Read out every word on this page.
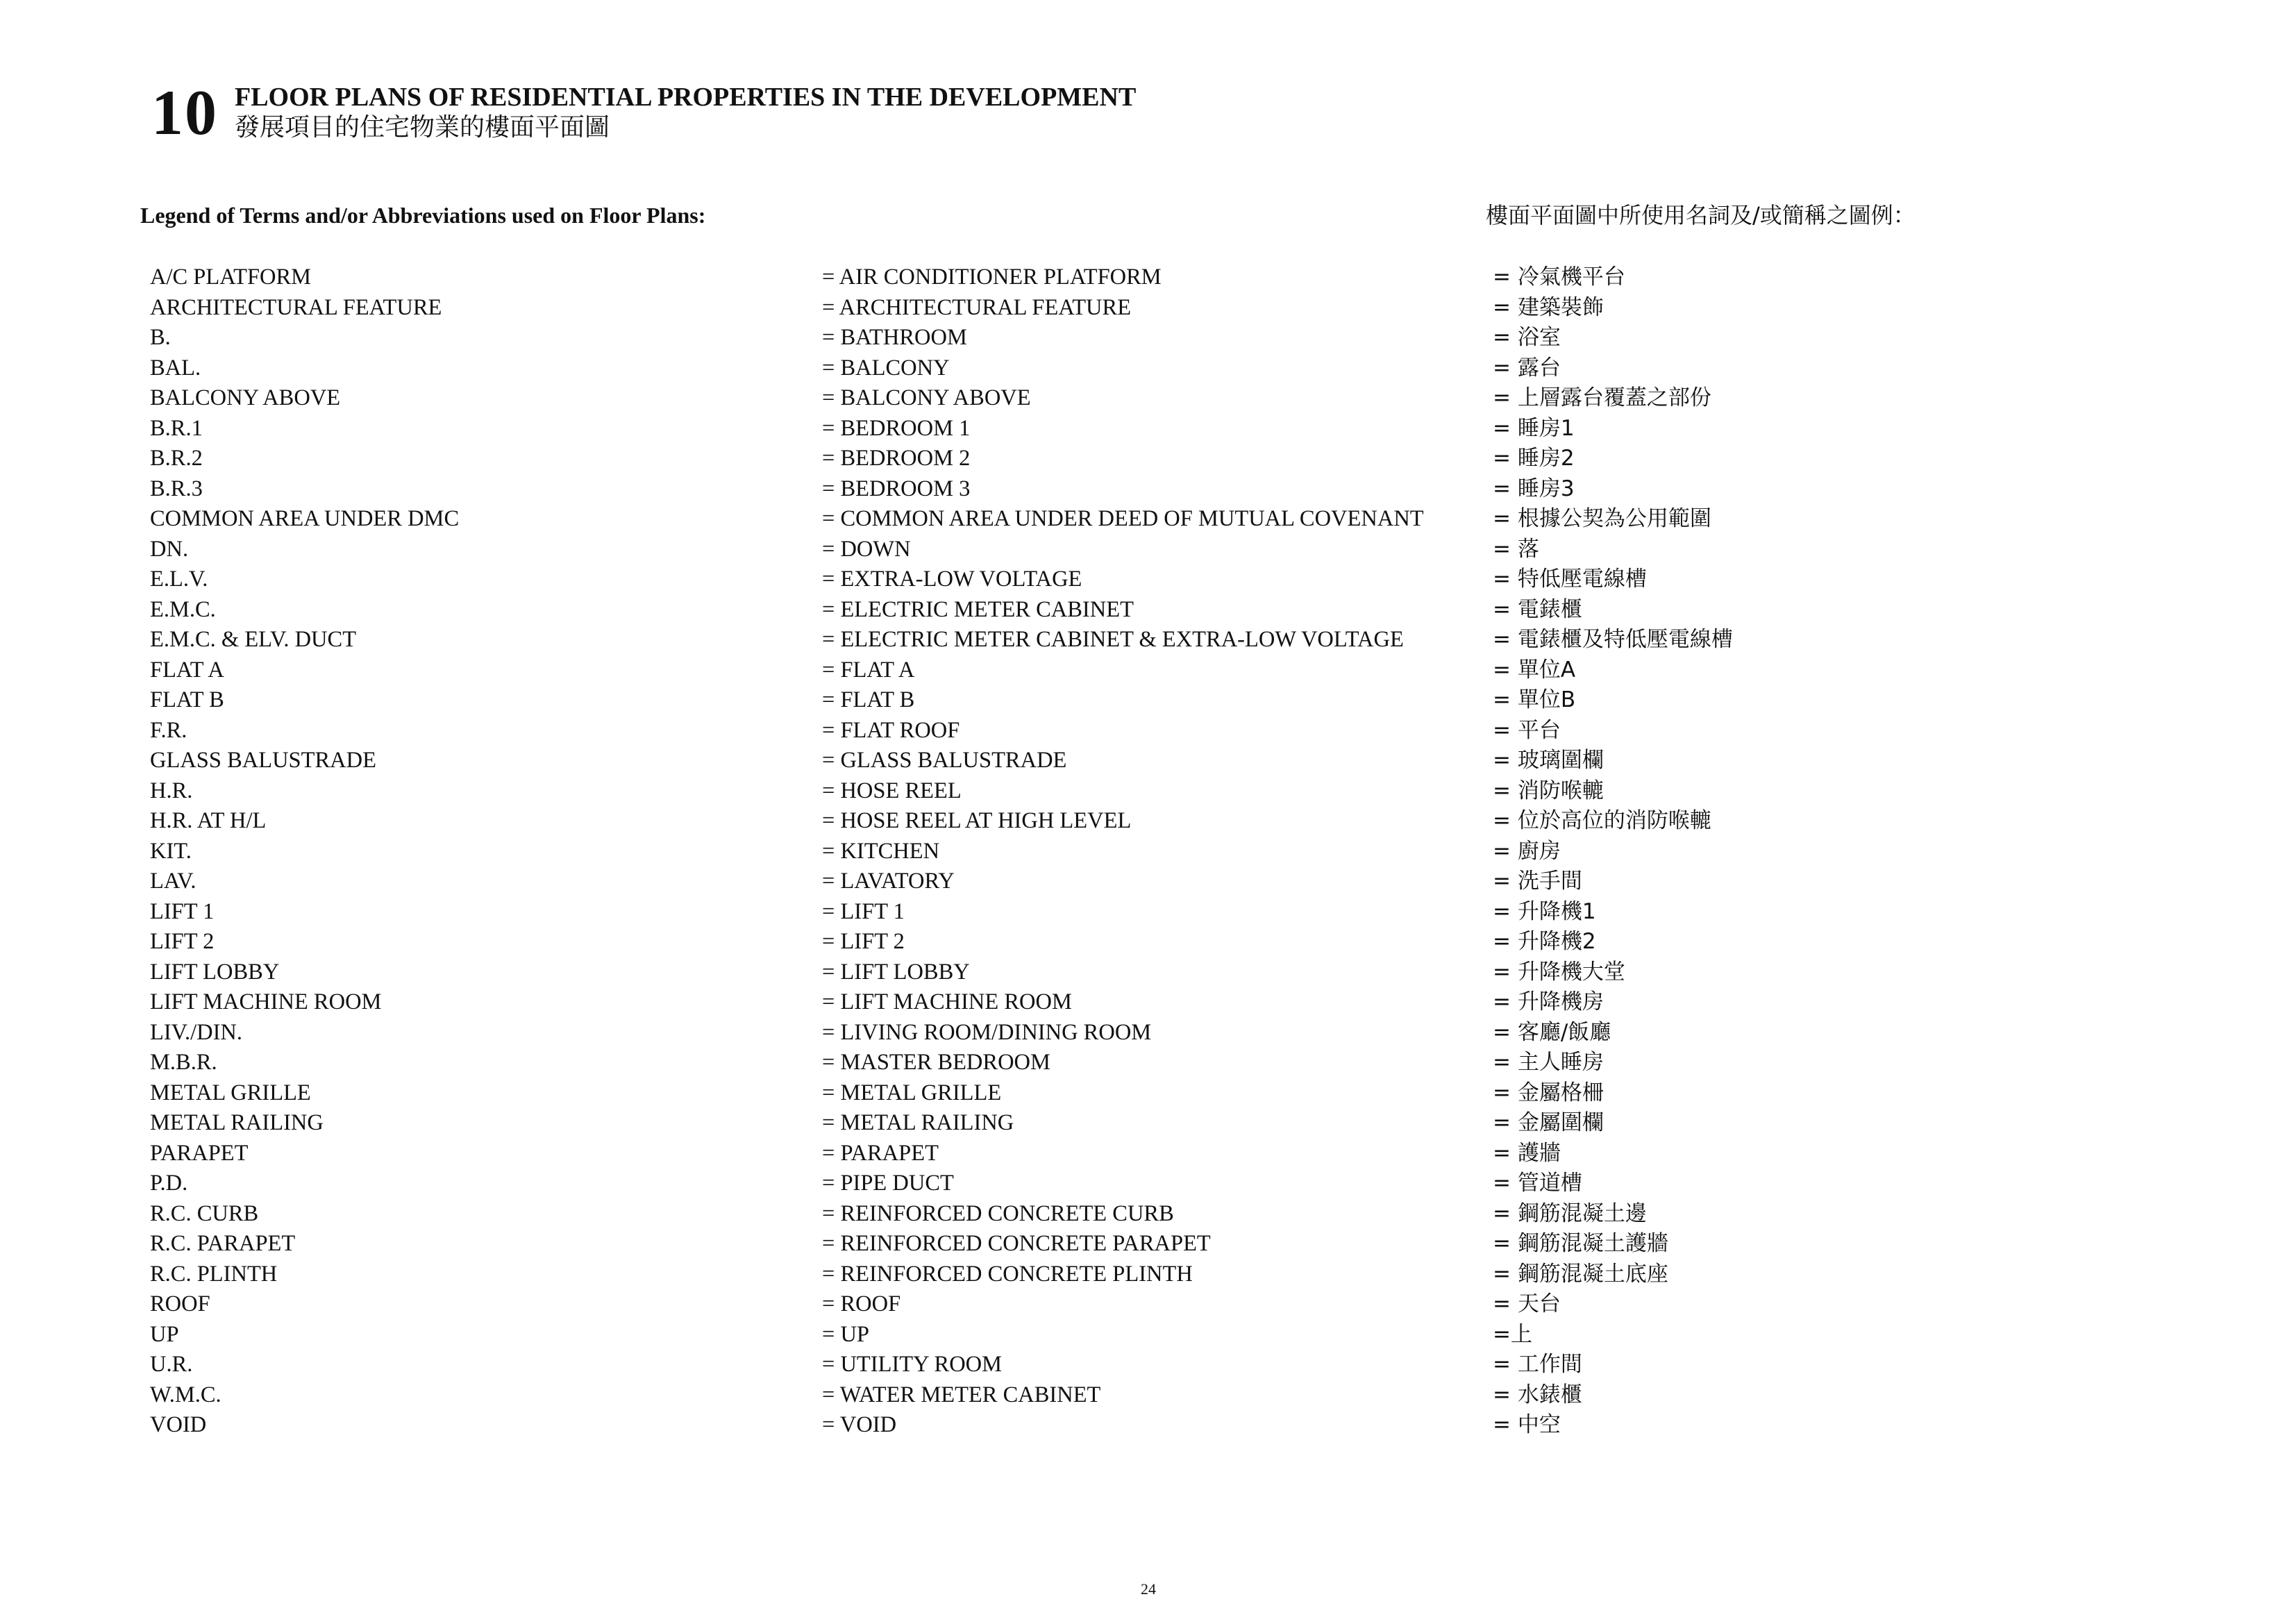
10 FLOOR PLANS OF RESIDENTIAL PROPERTIES IN THE DEVELOPMENT
發展項目的住宅物業的樓面平面圖
Legend of Terms and/or Abbreviations used on Floor Plans:	樓面平面圖中所使用名詞及/或簡稱之圖例：
A/C PLATFORM	= AIR CONDITIONER PLATFORM	= 冷氣機平台
ARCHITECTURAL FEATURE	= ARCHITECTURAL FEATURE	= 建築裝飾
B.	= BATHROOM	= 浴室
BAL.	= BALCONY	= 露台
BALCONY ABOVE	= BALCONY ABOVE	= 上層露台覆蓋之部份
B.R.1	= BEDROOM 1	= 睡房1
B.R.2	= BEDROOM 2	= 睡房2
B.R.3	= BEDROOM 3	= 睡房3
COMMON AREA UNDER DMC	= COMMON AREA UNDER DEED OF MUTUAL COVENANT	= 根據公契為公用範圍
DN.	= DOWN	= 落
E.L.V.	= EXTRA-LOW VOLTAGE	= 特低壓電線槽
E.M.C.	= ELECTRIC METER CABINET	= 電錶櫃
E.M.C. & ELV. DUCT	= ELECTRIC METER CABINET & EXTRA-LOW VOLTAGE	= 電錶櫃及特低壓電線槽
FLAT A	= FLAT A	= 單位A
FLAT B	= FLAT B	= 單位B
F.R.	= FLAT ROOF	= 平台
GLASS BALUSTRADE	= GLASS BALUSTRADE	= 玻璃圍欄
H.R.	= HOSE REEL	= 消防喉轆
H.R. AT H/L	= HOSE REEL AT HIGH LEVEL	= 位於高位的消防喉轆
KIT.	= KITCHEN	= 廚房
LAV.	= LAVATORY	= 洗手間
LIFT 1	= LIFT 1	= 升降機1
LIFT 2	= LIFT 2	= 升降機2
LIFT LOBBY	= LIFT LOBBY	= 升降機大堂
LIFT MACHINE ROOM	= LIFT MACHINE ROOM	= 升降機房
LIV./DIN.	= LIVING ROOM/DINING ROOM	= 客廳/飯廳
M.B.R.	= MASTER BEDROOM	= 主人睡房
METAL GRILLE	= METAL GRILLE	= 金屬格柵
METAL RAILING	= METAL RAILING	= 金屬圍欄
PARAPET	= PARAPET	= 護牆
P.D.	= PIPE DUCT	= 管道槽
R.C. CURB	= REINFORCED CONCRETE CURB	= 鋼筋混凝土邊
R.C. PARAPET	= REINFORCED CONCRETE PARAPET	= 鋼筋混凝土護牆
R.C. PLINTH	= REINFORCED CONCRETE PLINTH	= 鋼筋混凝土底座
ROOF	= ROOF	= 天台
UP	= UP	=上
U.R.	= UTILITY ROOM	= 工作間
W.M.C.	= WATER METER CABINET	= 水錶櫃
VOID	= VOID	= 中空
24
